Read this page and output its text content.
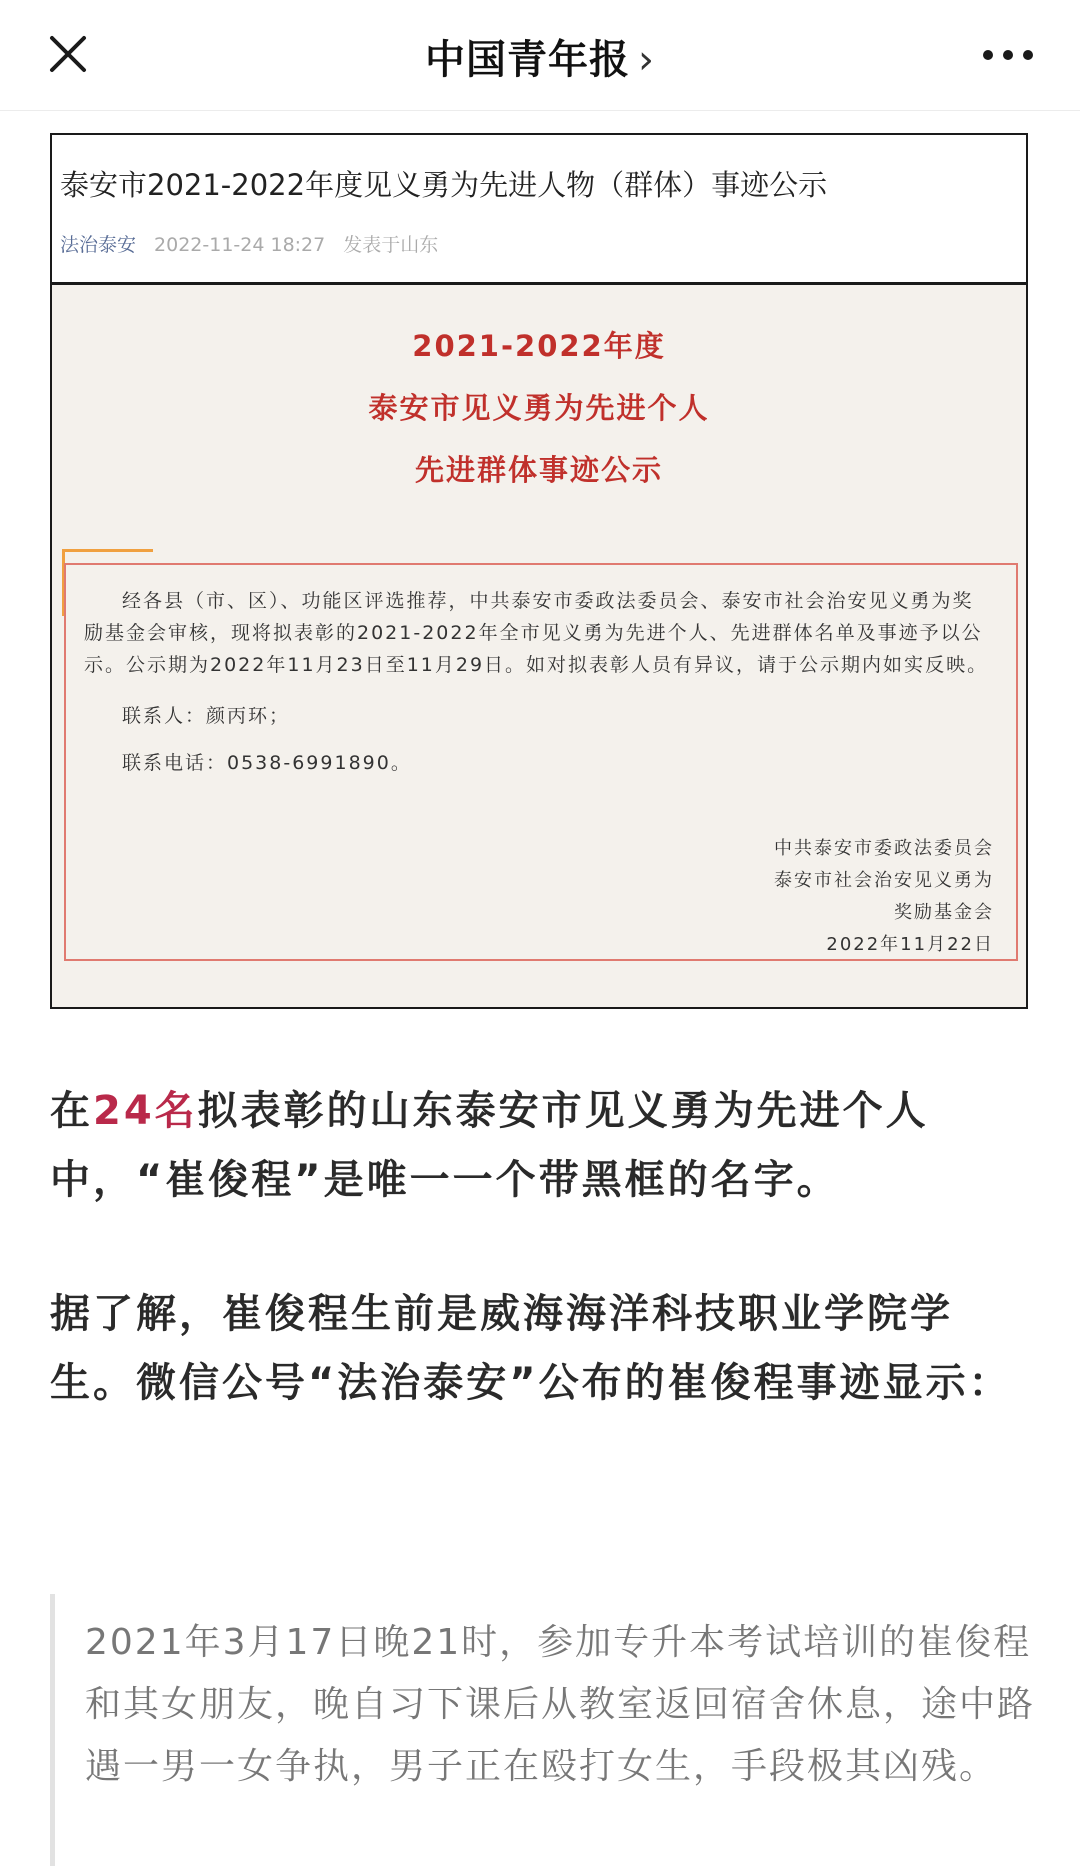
中国青年报 ›
泰安市2021-2022年度见义勇为先进人物（群体）事迹公示
法治泰安 2022-11-24 18:27 发表于山东
2021-2022年度
泰安市见义勇为先进个人
先进群体事迹公示

经各县（市、区）、功能区评选推荐，中共泰安市委政法委员会、泰安市社会治安见义勇为奖励基金会审核，现将拟表彰的2021-2022年全市见义勇为先进个人、先进群体名单及事迹予以公示。公示期为2022年11月23日至11月29日。如对拟表彰人员有异议，请于公示期内如实反映。

联系人：颜丙环；
联系电话：0538-6991890。
中共泰安市委政法委员会
泰安市社会治安见义勇为
奖励基金会
2022年11月22日
在24名拟表彰的山东泰安市见义勇为先进个人中，“崔俊程”是唯一一个带黑框的名字。
据了解，崔俊程生前是威海海洋科技职业学院学生。微信公号“法治泰安”公布的崔俊程事迹显示：
2021年3月17日晚21时，参加专升本考试培训的崔俊程和其女朋友，晚自习下课后从教室返回宿舍休息，途中路遇一男一女争执，男子正在殴打女生，手段极其凶残。
